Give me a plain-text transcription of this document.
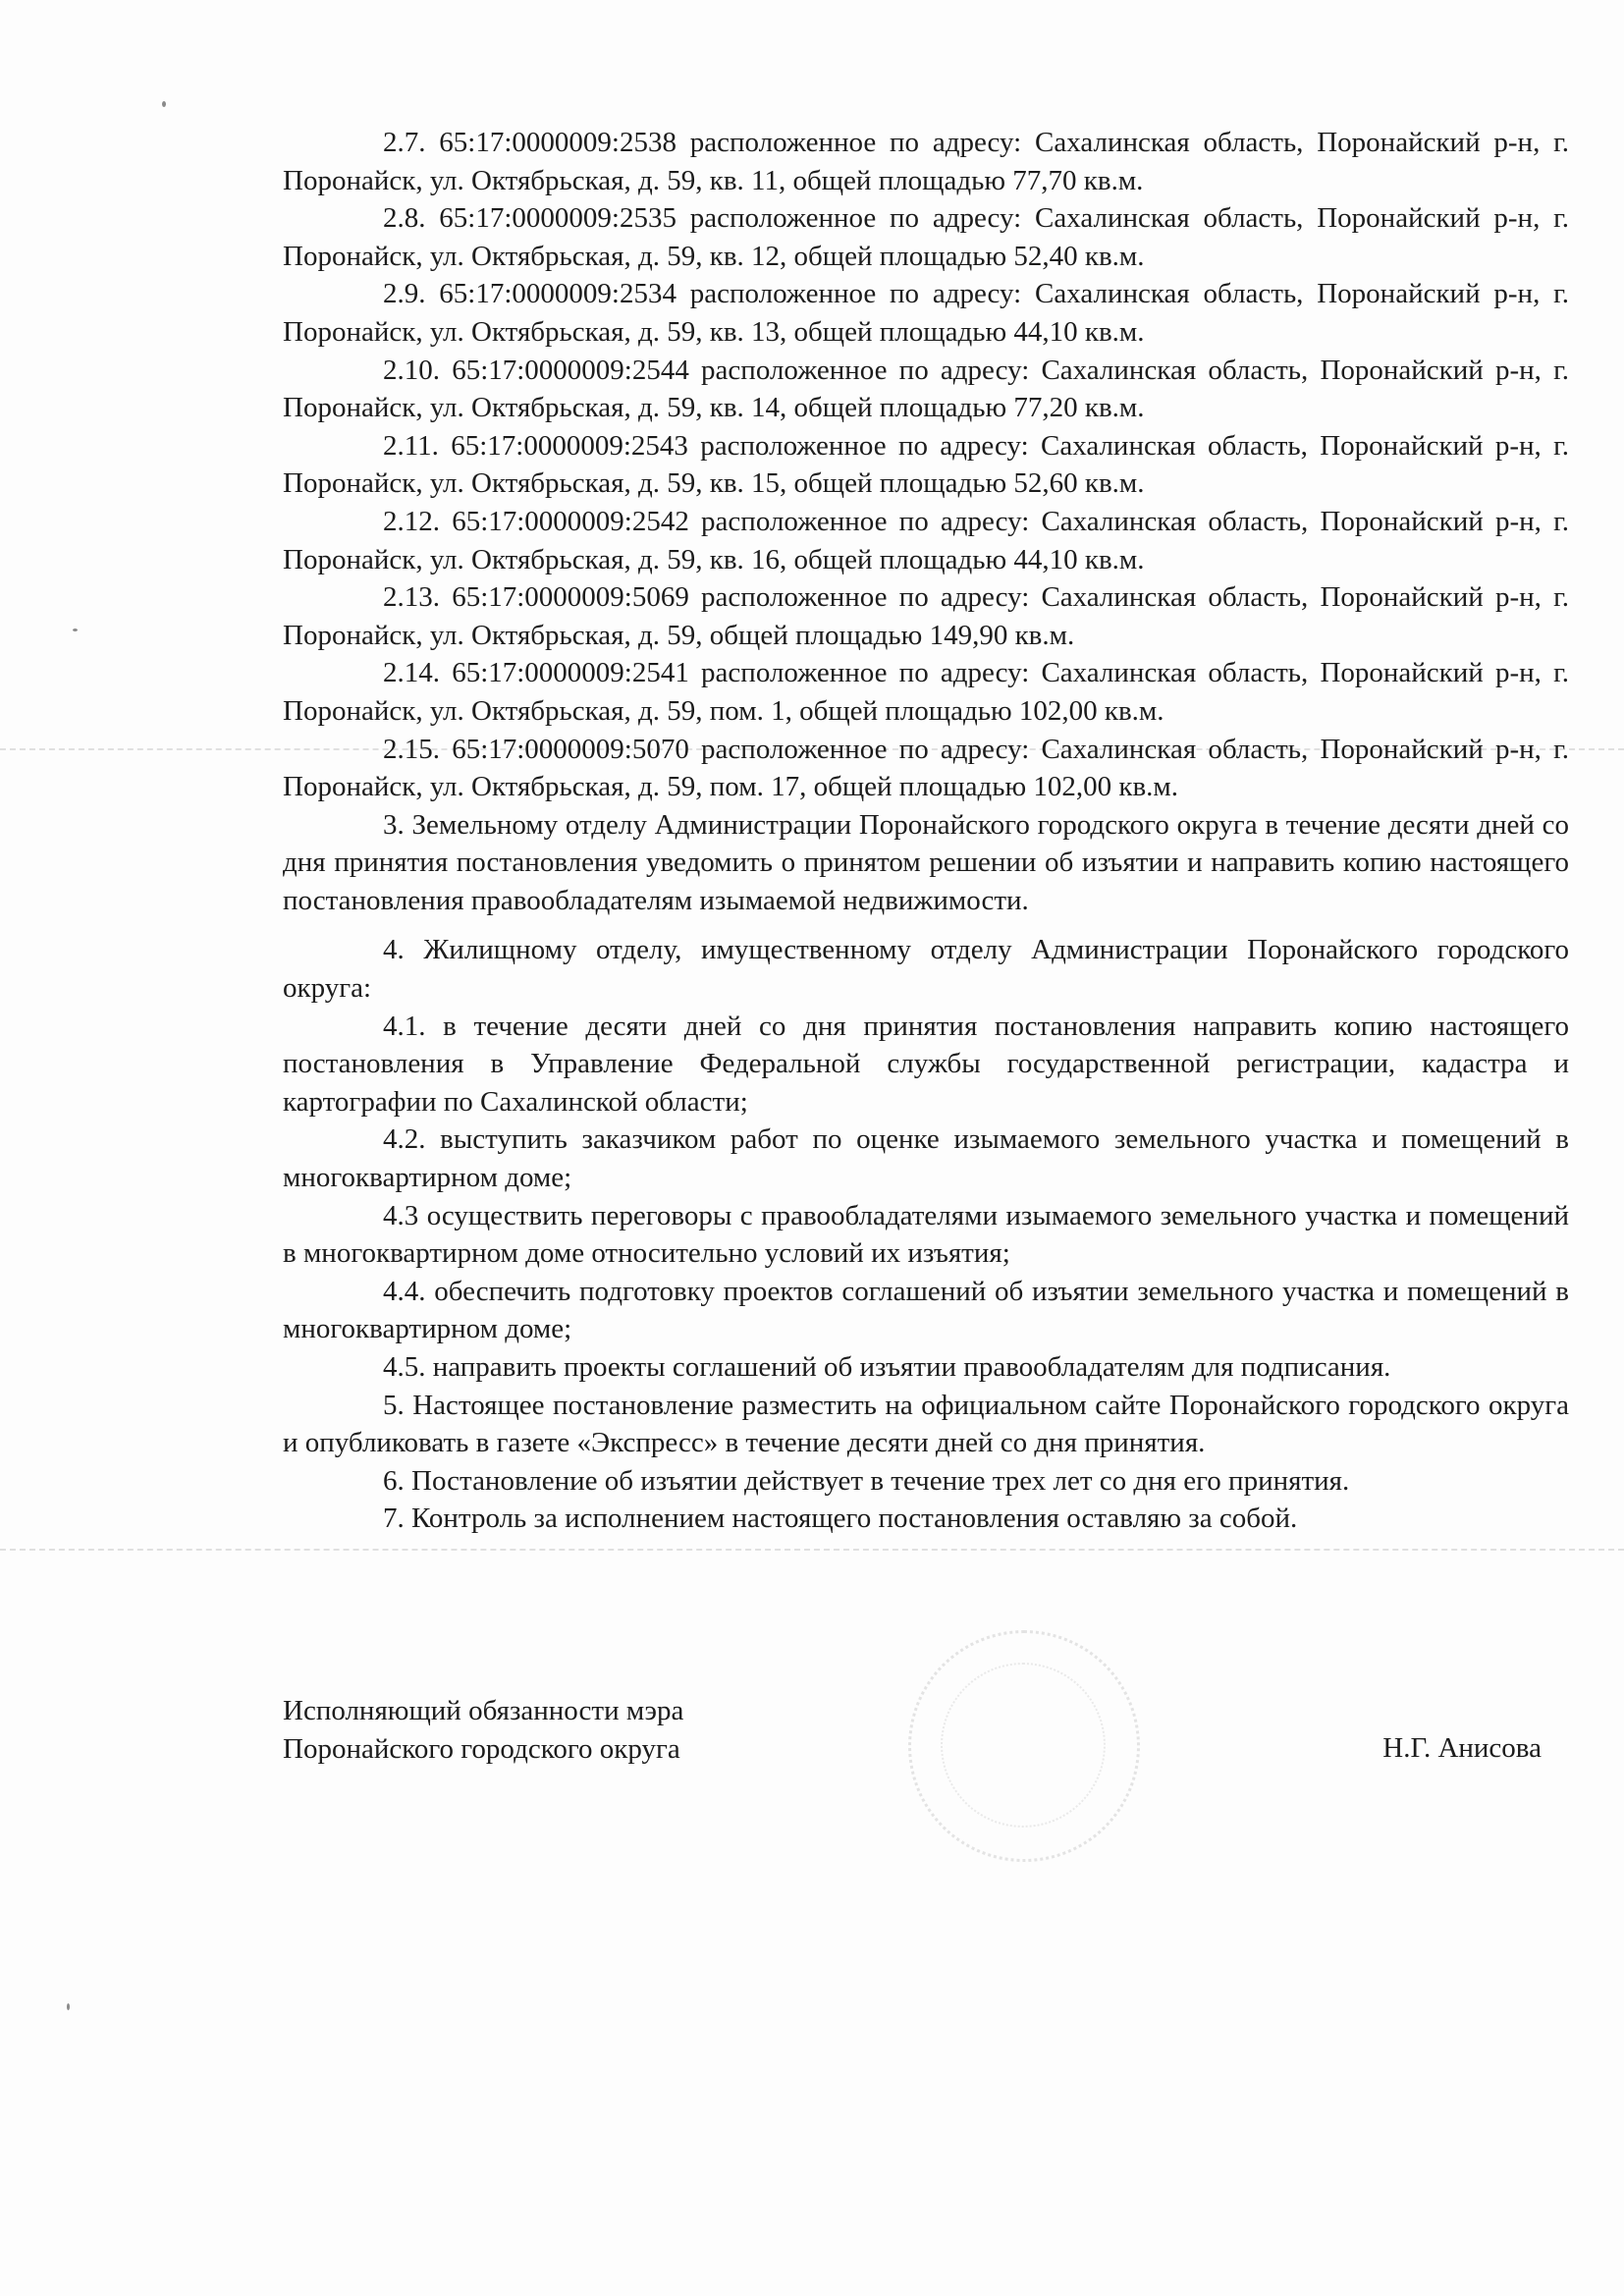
2.7. 65:17:0000009:2538 расположенное по адресу: Сахалинская область, Поронайский р-н, г. Поронайск, ул. Октябрьская, д. 59, кв. 11, общей площадью 77,70 кв.м.

2.8. 65:17:0000009:2535 расположенное по адресу: Сахалинская область, Поронайский р-н, г. Поронайск, ул. Октябрьская, д. 59, кв. 12, общей площадью 52,40 кв.м.

2.9. 65:17:0000009:2534 расположенное по адресу: Сахалинская область, Поронайский р-н, г. Поронайск, ул. Октябрьская, д. 59, кв. 13, общей площадью 44,10 кв.м.

2.10. 65:17:0000009:2544 расположенное по адресу: Сахалинская область, Поронайский р-н, г. Поронайск, ул. Октябрьская, д. 59, кв. 14, общей площадью 77,20 кв.м.

2.11. 65:17:0000009:2543 расположенное по адресу: Сахалинская область, Поронайский р-н, г. Поронайск, ул. Октябрьская, д. 59, кв. 15, общей площадью 52,60 кв.м.

2.12. 65:17:0000009:2542 расположенное по адресу: Сахалинская область, Поронайский р-н, г. Поронайск, ул. Октябрьская, д. 59, кв. 16, общей площадью 44,10 кв.м.

2.13. 65:17:0000009:5069 расположенное по адресу: Сахалинская область, Поронайский р-н, г. Поронайск, ул. Октябрьская, д. 59, общей площадью 149,90 кв.м.

2.14. 65:17:0000009:2541 расположенное по адресу: Сахалинская область, Поронайский р-н, г. Поронайск, ул. Октябрьская, д. 59, пом. 1, общей площадью 102,00 кв.м.

2.15. 65:17:0000009:5070 расположенное по адресу: Сахалинская область, Поронайский р-н, г. Поронайск, ул. Октябрьская, д. 59, пом. 17, общей площадью 102,00 кв.м.

3. Земельному отделу Администрации Поронайского городского округа в течение десяти дней со дня принятия постановления уведомить о принятом решении об изъятии и направить копию настоящего постановления правообладателям изымаемой недвижимости.

4. Жилищному отделу, имущественному отделу Администрации Поронайского городского округа:

4.1. в течение десяти дней со дня принятия постановления направить копию настоящего постановления в Управление Федеральной службы государственной регистрации, кадастра и картографии по Сахалинской области;

4.2. выступить заказчиком работ по оценке изымаемого земельного участка и помещений в многоквартирном доме;

4.3 осуществить переговоры с правообладателями изымаемого земельного участка и помещений в многоквартирном доме относительно условий их изъятия;

4.4. обеспечить подготовку проектов соглашений об изъятии земельного участка и помещений в многоквартирном доме;

4.5. направить проекты соглашений об изъятии правообладателям для подписания.

5. Настоящее постановление разместить на официальном сайте Поронайского городского округа и опубликовать в газете «Экспресс» в течение десяти дней со дня принятия.

6. Постановление об изъятии действует в течение трех лет со дня его принятия.

7. Контроль за исполнением настоящего постановления оставляю за собой.

Исполняющий обязанности мэра
Поронайского городского округа	Н.Г. Анисова
